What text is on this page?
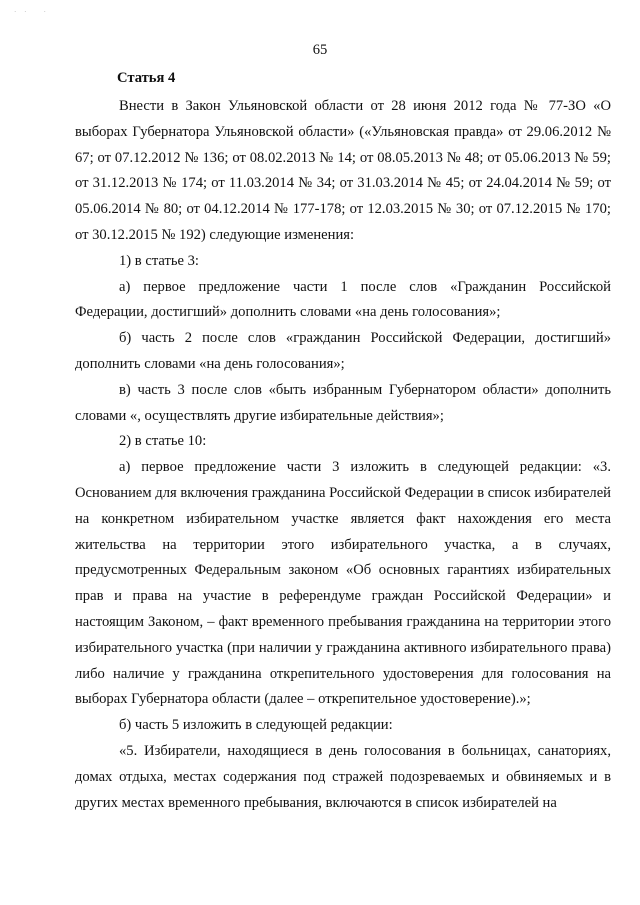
· ·   ·
65
Статья 4

Внести в Закон Ульяновской области от 28 июня 2012 года № 77-ЗО «О выборах Губернатора Ульяновской области» («Ульяновская правда» от 29.06.2012 № 67; от 07.12.2012 № 136; от 08.02.2013 № 14; от 08.05.2013 № 48; от 05.06.2013 № 59; от 31.12.2013 № 174; от 11.03.2014 № 34; от 31.03.2014 № 45; от 24.04.2014 № 59; от 05.06.2014 № 80; от 04.12.2014 № 177-178; от 12.03.2015 № 30; от 07.12.2015 № 170; от 30.12.2015 № 192) следующие изменения:

1) в статье 3:

а) первое предложение части 1 после слов «Гражданин Российской Федерации, достигший» дополнить словами «на день голосования»;

б) часть 2 после слов «гражданин Российской Федерации, достигший» дополнить словами «на день голосования»;

в) часть 3 после слов «быть избранным Губернатором области» дополнить словами «, осуществлять другие избирательные действия»;

2) в статье 10:

а) первое предложение части 3 изложить в следующей редакции: «3. Основанием для включения гражданина Российской Федерации в список избирателей на конкретном избирательном участке является факт нахождения его места жительства на территории этого избирательного участка, а в случаях, предусмотренных Федеральным законом «Об основных гарантиях избирательных прав и права на участие в референдуме граждан Российской Федерации» и настоящим Законом, – факт временного пребывания гражданина на территории этого избирательного участка (при наличии у гражданина активного избирательного права) либо наличие у гражданина открепительного удостоверения для голосования на выборах Губернатора области (далее – открепительное удостоверение).»;

б) часть 5 изложить в следующей редакции:

«5. Избиратели, находящиеся в день голосования в больницах, санаториях, домах отдыха, местах содержания под стражей подозреваемых и обвиняемых и в других местах временного пребывания, включаются в список избирателей на
